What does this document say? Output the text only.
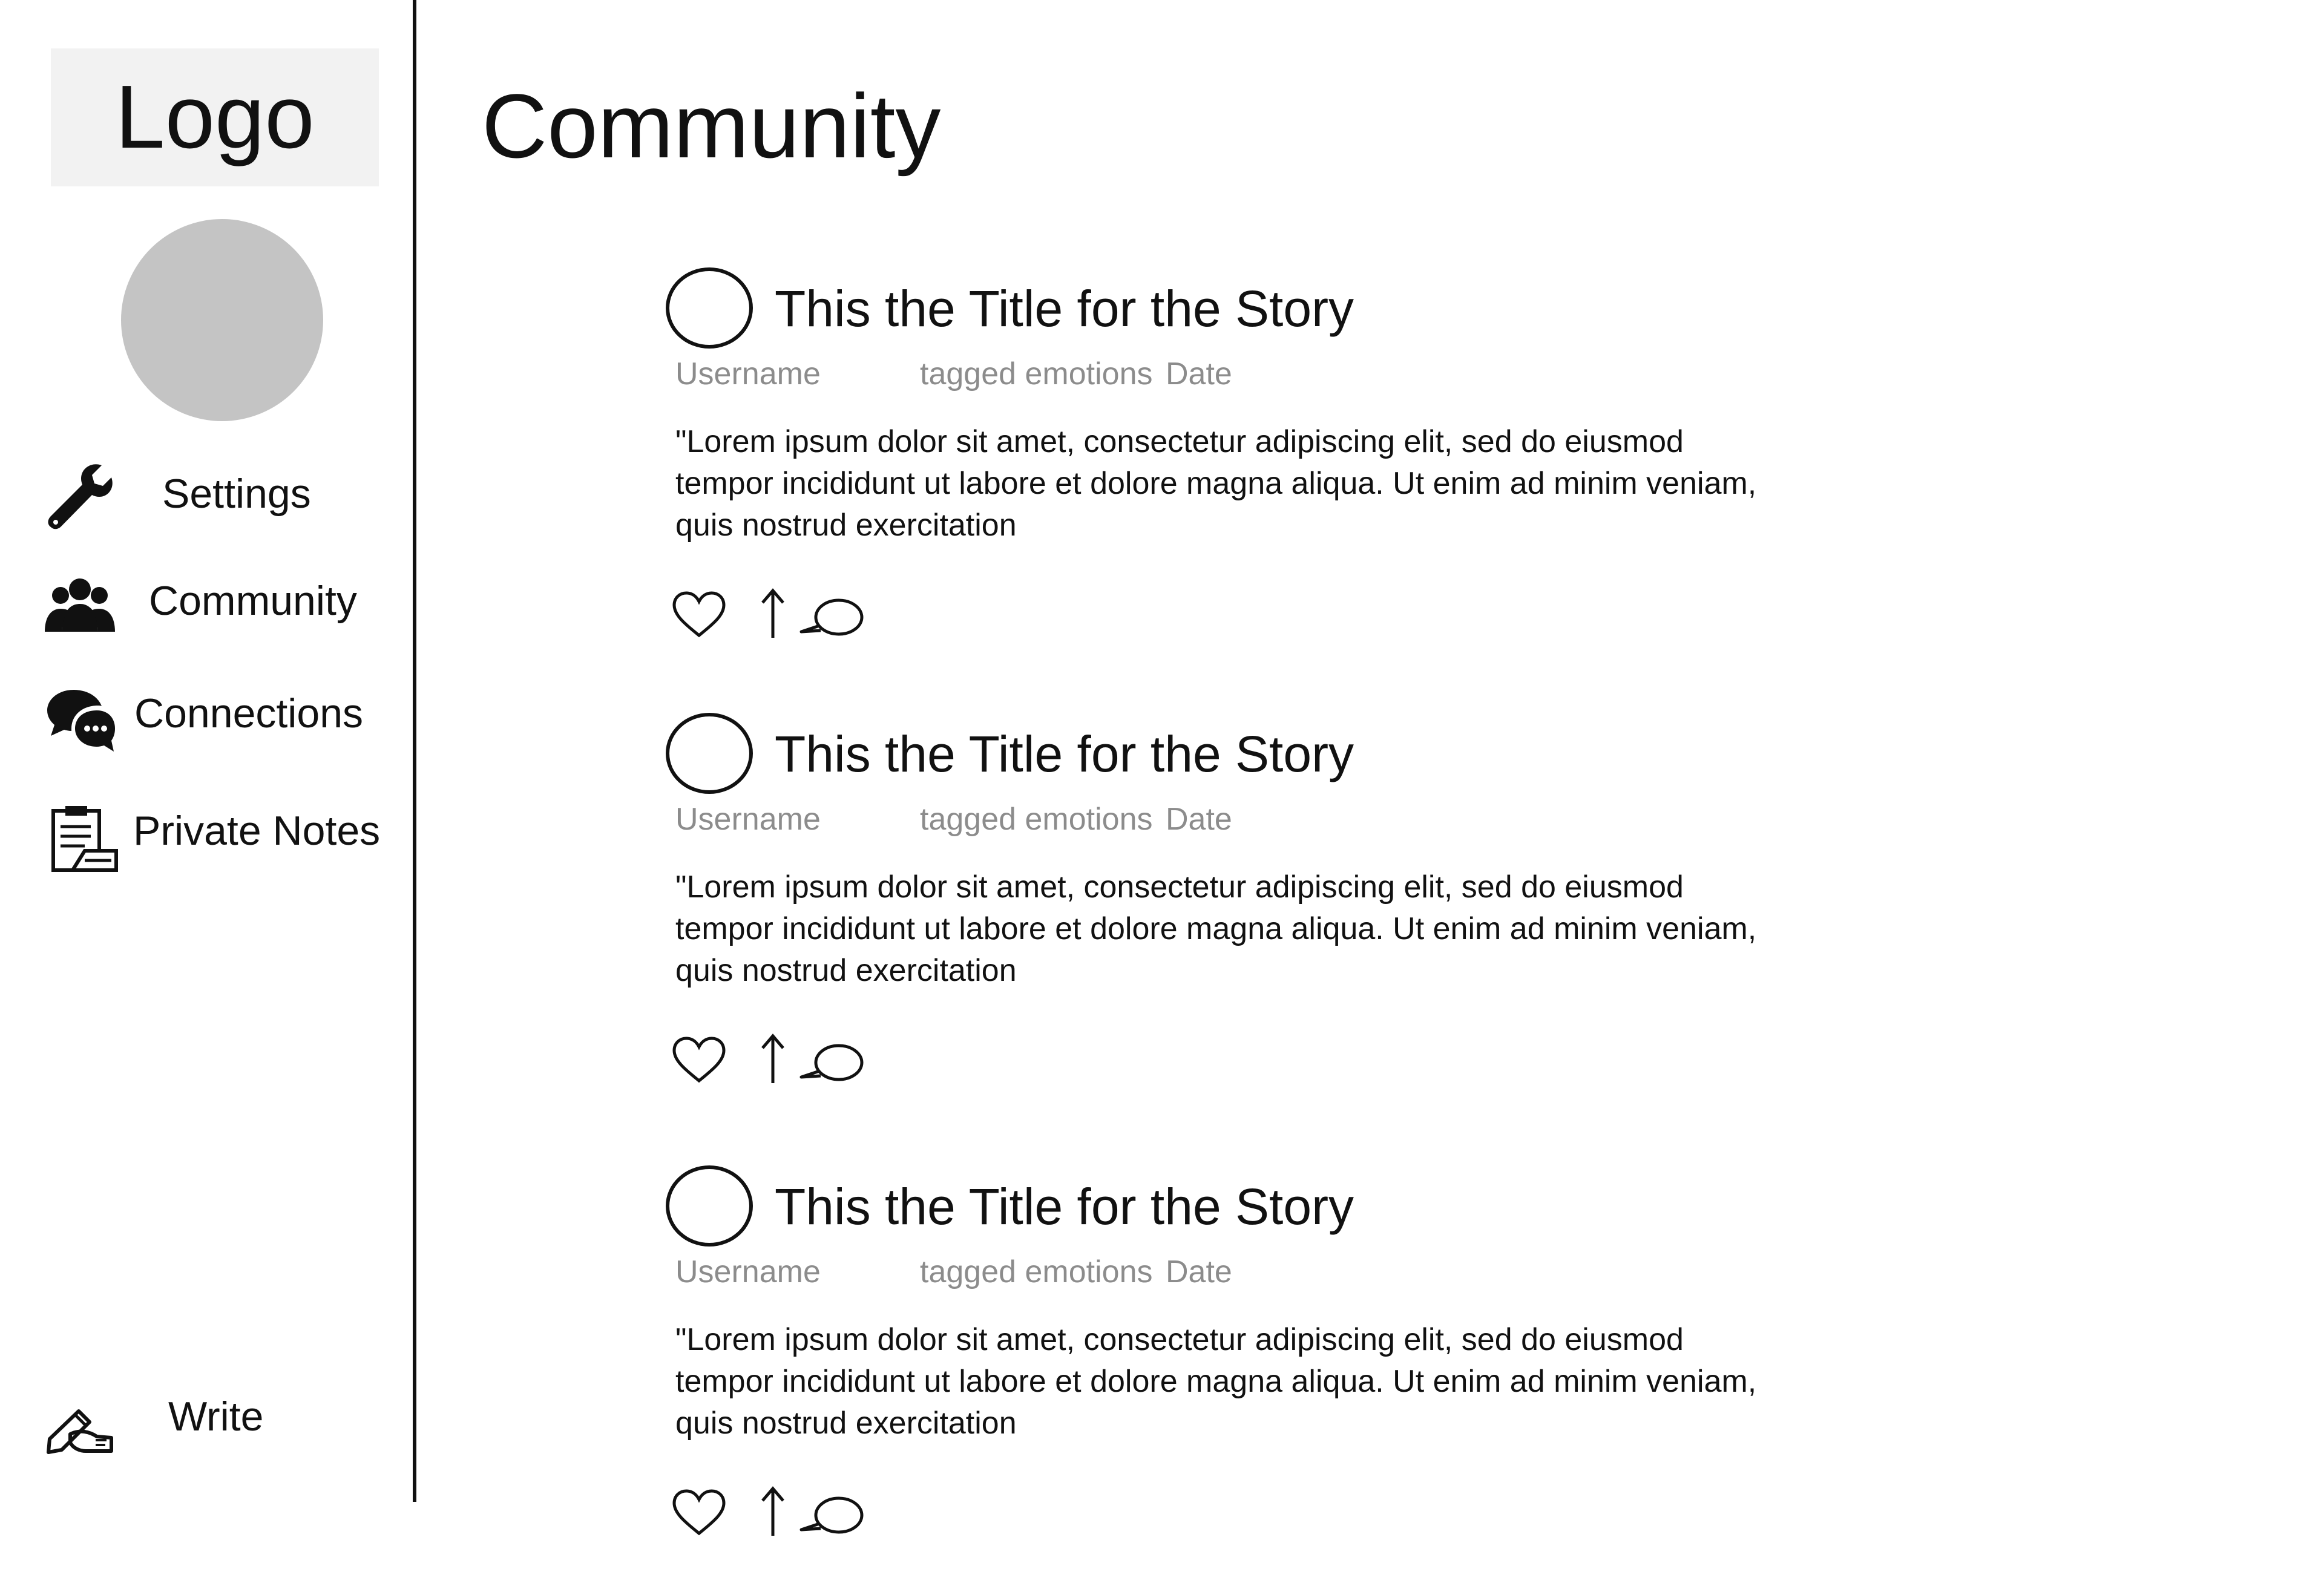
Logo
Settings
Community
Connections
Private Notes
Write
Community
This the Title for the Story
Username	tagged emotions Date
"Lorem ipsum dolor sit amet, consectetur adipiscing elit, sed do eiusmod tempor incididunt ut labore et dolore magna aliqua. Ut enim ad minim veniam, quis nostrud exercitation
This the Title for the Story
Username	tagged emotions Date
"Lorem ipsum dolor sit amet, consectetur adipiscing elit, sed do eiusmod tempor incididunt ut labore et dolore magna aliqua. Ut enim ad minim veniam, quis nostrud exercitation
This the Title for the Story
Username	tagged emotions Date
"Lorem ipsum dolor sit amet, consectetur adipiscing elit, sed do eiusmod tempor incididunt ut labore et dolore magna aliqua. Ut enim ad minim veniam, quis nostrud exercitation
